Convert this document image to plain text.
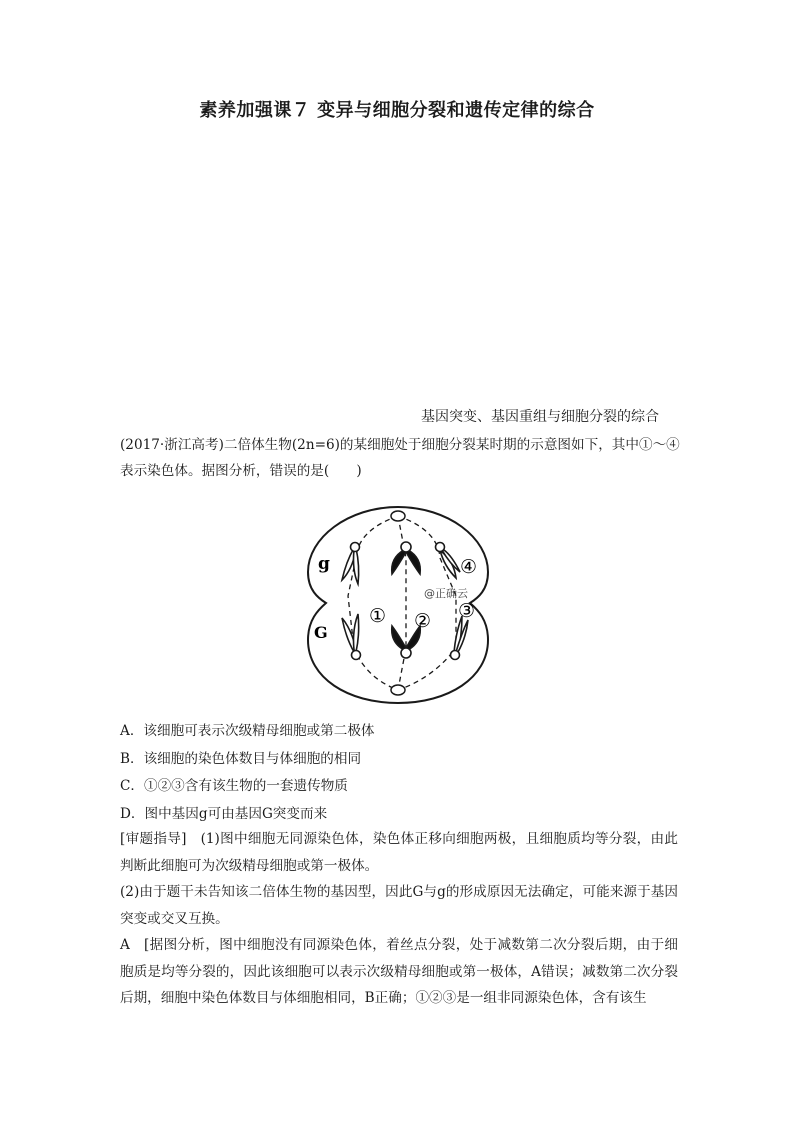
素养加强课７ 变异与细胞分裂和遗传定律的综合
基因突变、基因重组与细胞分裂的综合
(2017·浙江高考)二倍体生物(2n=6)的某细胞处于细胞分裂某时期的示意图如下，其中①～④表示染色体。据图分析，错误的是(　　)
g
G
① ② ③
④
@正确云
A．该细胞可表示次级精母细胞或第二极体
B．该细胞的染色体数目与体细胞的相同
C．①②③含有该生物的一套遗传物质
D．图中基因g可由基因G突变而来

[审题指导]　(1)图中细胞无同源染色体，染色体正移向细胞两极，且细胞质均等分裂，由此判断此细胞可为次级精母细胞或第一极体。

(2)由于题干未告知该二倍体生物的基因型，因此G与g的形成原因无法确定，可能来源于基因突变或交叉互换。

A　[据图分析，图中细胞没有同源染色体，着丝点分裂，处于减数第二次分裂后期，由于细胞质是均等分裂的，因此该细胞可以表示次级精母细胞或第一极体，A错误；减数第二次分裂后期，细胞中染色体数目与体细胞相同，B正确；①②③是一组非同源染色体，含有该生
